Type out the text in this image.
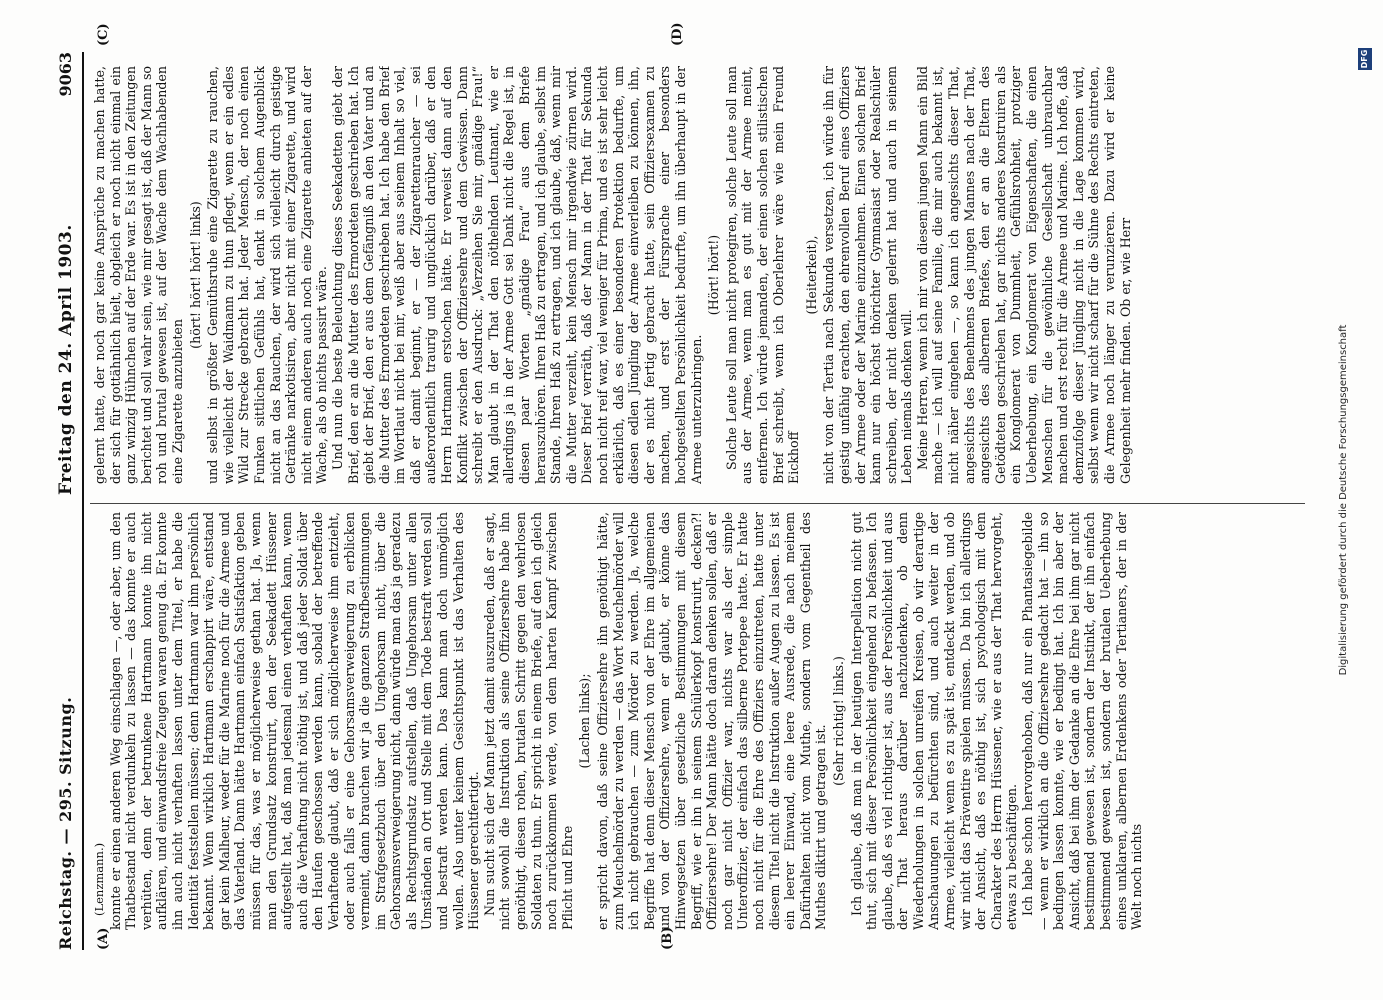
Reichstag. — 295. Sitzung.
Freitag den 24. April 1903.
9063
(A)	(B)
(C)	(D)

(Lenzmann.) konnte er einen anderen Weg einschlagen —, oder aber, um den Thatbestand nicht verdunkeln zu lassen — das konnte er auch verhüten, denn der betrunkene Hartmann konnte ihn nicht aufklären, und einwandsfreie Zeugen waren genug da. Er konnte ihn auch nicht verhaften lassen unter dem Titel, er habe die Identität feststellen müssen; denn Hartmann war ihm persönlich bekannt. Wenn wirklich Hartmann erschappirt wäre, entstand gar kein Malheur, weder für die Marine noch für die Armee und das Vaterland. Dann hätte Hartmann einfach Satisfaktion geben müssen für das, was er möglicherweise gethan hat. Ja, wenn man den Grundsatz konstruirt, den der Seekadett Hüssener aufgestellt hat, daß man jedesmal einen verhaften kann, wenn auch die Verhaftung nicht nöthig ist, und daß jeder Soldat über den Haufen geschossen werden kann, sobald der betreffende Verhaftende glaubt, daß er sich möglicherweise ihm entzieht, oder auch falls er eine Gehorsamsverweigerung zu erblicken vermeint, dann brauchen wir ja die ganzen Strafbestimmungen im Strafgesetzbuch über den Ungehorsam nicht, über die Gehorsamsverweigerung nicht, dann würde man das ja geradezu als Rechtsgrundsatz aufstellen, daß Ungehorsam unter allen Umständen an Ort und Stelle mit dem Tode bestraft werden soll und bestraft werden kann. Das kann man doch unmöglich wollen. Also unter keinem Gesichtspunkt ist das Verhalten des Hüssener gerechtfertigt. Nun sucht sich der Mann jetzt damit auszureden, daß er sagt, nicht sowohl die Instruktion als seine Offiziersehre habe ihn genöthigt, diesen rohen, brutalen Schritt gegen den wehrlosen Soldaten zu thun. Er spricht in einem Briefe, auf den ich gleich noch zurückkommen werde, von dem harten Kampf zwischen Pflicht und Ehre

(Lachen links); er spricht davon, daß seine Offiziersehre ihn genöthigt hätte, zum Meuchelmörder zu werden — das Wort Meuchelmörder will ich nicht gebrauchen — zum Mörder zu werden. Ja, welche Begriffe hat denn dieser Mensch von der Ehre im allgemeinen und von der Offiziersehre, wenn er glaubt, er könne das Hinwegsetzen über gesetzliche Bestimmungen mit diesem Begriff, wie er ihn in seinem Schülerkopf konstruirt, decken?! Offiziersehre! Der Mann hätte doch daran denken sollen, daß er noch gar nicht Offizier war, nichts war als der simple Unteroffizier, der einfach das silberne Portepee hatte. Er hatte noch nicht für die Ehre des Offiziers einzutreten, hatte unter diesem Titel nicht die Instruktion außer Augen zu lassen. Es ist ein leerer Einwand, eine leere Ausrede, die nach meinem Dafürhalten nicht vom Muthe, sondern vom Gegentheil des Muthes diktirt und getragen ist.

(Sehr richtig! links.) Ich glaube, daß man in der heutigen Interpellation nicht gut thut, sich mit dieser Persönlichkeit eingehend zu befassen. Ich glaube, daß es viel richtiger ist, aus der Persönlichkeit und aus der That heraus darüber nachzudenken, ob denn Wiederholungen in solchen unreifen Kreisen, ob wir derartige Anschauungen zu befürchten sind, und auch weiter in der Armee, vielleicht wenn es zu spät ist, entdeckt werden, und ob wir nicht das Präventire spielen müssen. Da bin ich allerdings der Ansicht, daß es nöthig ist, sich psychologisch mit dem Charakter des Herrn Hüssener, wie er aus der That hervorgeht, etwas zu beschäftigen. Ich habe schon hervorgehoben, daß nur ein Phantasiegebilde — wenn er wirklich an die Offiziersehre gedacht hat — ihn so bedingen lassen konnte, wie er bedingt hat. Ich bin aber der Ansicht, daß bei ihm der Gedanke an die Ehre bei ihm gar nicht bestimmend gewesen ist, sondern der Instinkt, der ihn einfach bestimmend gewesen ist, sondern der brutalen Ueberhebung eines unklaren, albernen Erdenkens oder Tertianers, der in der Welt noch nichts

gelernt hatte, der noch gar keine Ansprüche zu machen hatte, der sich für gottähnlich hielt, obgleich er noch nicht einmal ein ganz winzig Hühnchen auf der Erde war. Es ist in den Zeitungen berichtet und soll wahr sein, wie mir gesagt ist, daß der Mann so roh und brutal gewesen ist, auf der Wache dem Wachhabenden eine Zigarette anzubieten

(hört! hört! hört! links) und selbst in größter Gemüthsruhe eine Zigarette zu rauchen, wie vielleicht der Waidmann zu thun pflegt, wenn er ein edles Wild zur Strecke gebracht hat. Jeder Mensch, der noch einen Funken sittlichen Gefühls hat, denkt in solchem Augenblick nicht an das Rauchen, der wird sich vielleicht durch geistige Getränke narkotisiren, aber nicht mit einer Zigarette, und wird nicht einem anderen auch noch eine Zigarette anbieten auf der Wache, als ob nichts passirt wäre. Und nun die beste Beleuchtung dieses Seekadetten giebt der Brief, den er an die Mutter des Ermordeten geschrieben hat. Ich giebt der Brief, den er aus dem Gefängniß an den Vater und an die Mutter des Ermordeten geschrieben hat. Ich habe den Brief im Wortlaut nicht bei mir, weiß aber aus seinem Inhalt so viel, daß er damit beginnt, er — der Zigarettenraucher — sei außerordentlich traurig und unglücklich darüber, daß er den Herrn Hartmann erstochen hätte. Er verweist dann auf den Konflikt zwischen der Offiziersehre und dem Gewissen. Dann schreibt er den Ausdruck: „Verzeihen Sie mir, gnädige Frau!“ Man glaubt in der That den nöthelnden Leutnant, wie er allerdings ja in der Armee Gott sei Dank nicht die Regel ist, in diesen paar Worten „gnädige Frau“ aus dem Briefe herauszuhören. Ihren Haß zu ertragen, und ich glaube, selbst im Stande, Ihren Haß zu ertragen, und ich glaube, daß, wenn mir die Mutter verzeiht, kein Mensch mir irgendwie zürnen wird. Dieser Brief verräth, daß der Mann in der That für Sekunda noch nicht reif war, viel weniger für Prima, und es ist sehr leicht erklärlich, daß es einer besonderen Protektion bedurfte, um diesen edlen Jüngling der Armee einverleiben zu können, ihn, der es nicht fertig gebracht hatte, sein Offiziersexamen zu machen, und erst der Fürsprache einer besonders hochgestellten Persönlichkeit bedurfte, um ihn überhaupt in der Armee unterzubringen.

(Hört! hört!) Solche Leute soll man nicht protegiren, solche Leute soll man aus der Armee, wenn man es gut mit der Armee meint, entfernen. Ich würde jemanden, der einen solchen stilistischen Brief schreibt, wenn ich Oberlehrer wäre wie mein Freund Eickhoff

(Heiterkeit), nicht von der Tertia nach Sekunda versetzen, ich würde ihn für geistig unfähig erachten, den ehrenvollen Beruf eines Offiziers der Armee oder der Marine einzunehmen. Einen solchen Brief kann nur ein höchst thörichter Gymnasiast oder Realschüler schreiben, der nicht denken gelernt hat und auch in seinem Leben niemals denken will. Meine Herren, wenn ich mir von diesem jungen Mann ein Bild mache — ich will auf seine Familie, die mir auch bekannt ist, nicht näher eingehen —, so kann ich angesichts dieser That, angesichts des Benehmens des jungen Mannes nach der That, angesichts des albernen Briefes, den er an die Eltern des Getödteten geschrieben hat, gar nichts anderes konstruiren als ein Konglomerat von Dummheit, Gefühlsrohheit, protziger Ueberhebung, ein Konglomerat von Eigenschaften, die einen Menschen für die gewöhnliche Gesellschaft unbrauchbar machen und erst recht für die Armee und Marine. Ich hoffe, daß demzufolge dieser Jüngling nicht in die Lage kommen wird, selbst wenn wir nicht scharf für die Sühne des Rechts eintreten, die Armee noch länger zu verunzieren. Dazu wird er keine Gelegenheit mehr finden. Ob er, wie Herr	Digitalisierung gefördert durch die Deutsche Forschungsgemeinschaft
DFG
